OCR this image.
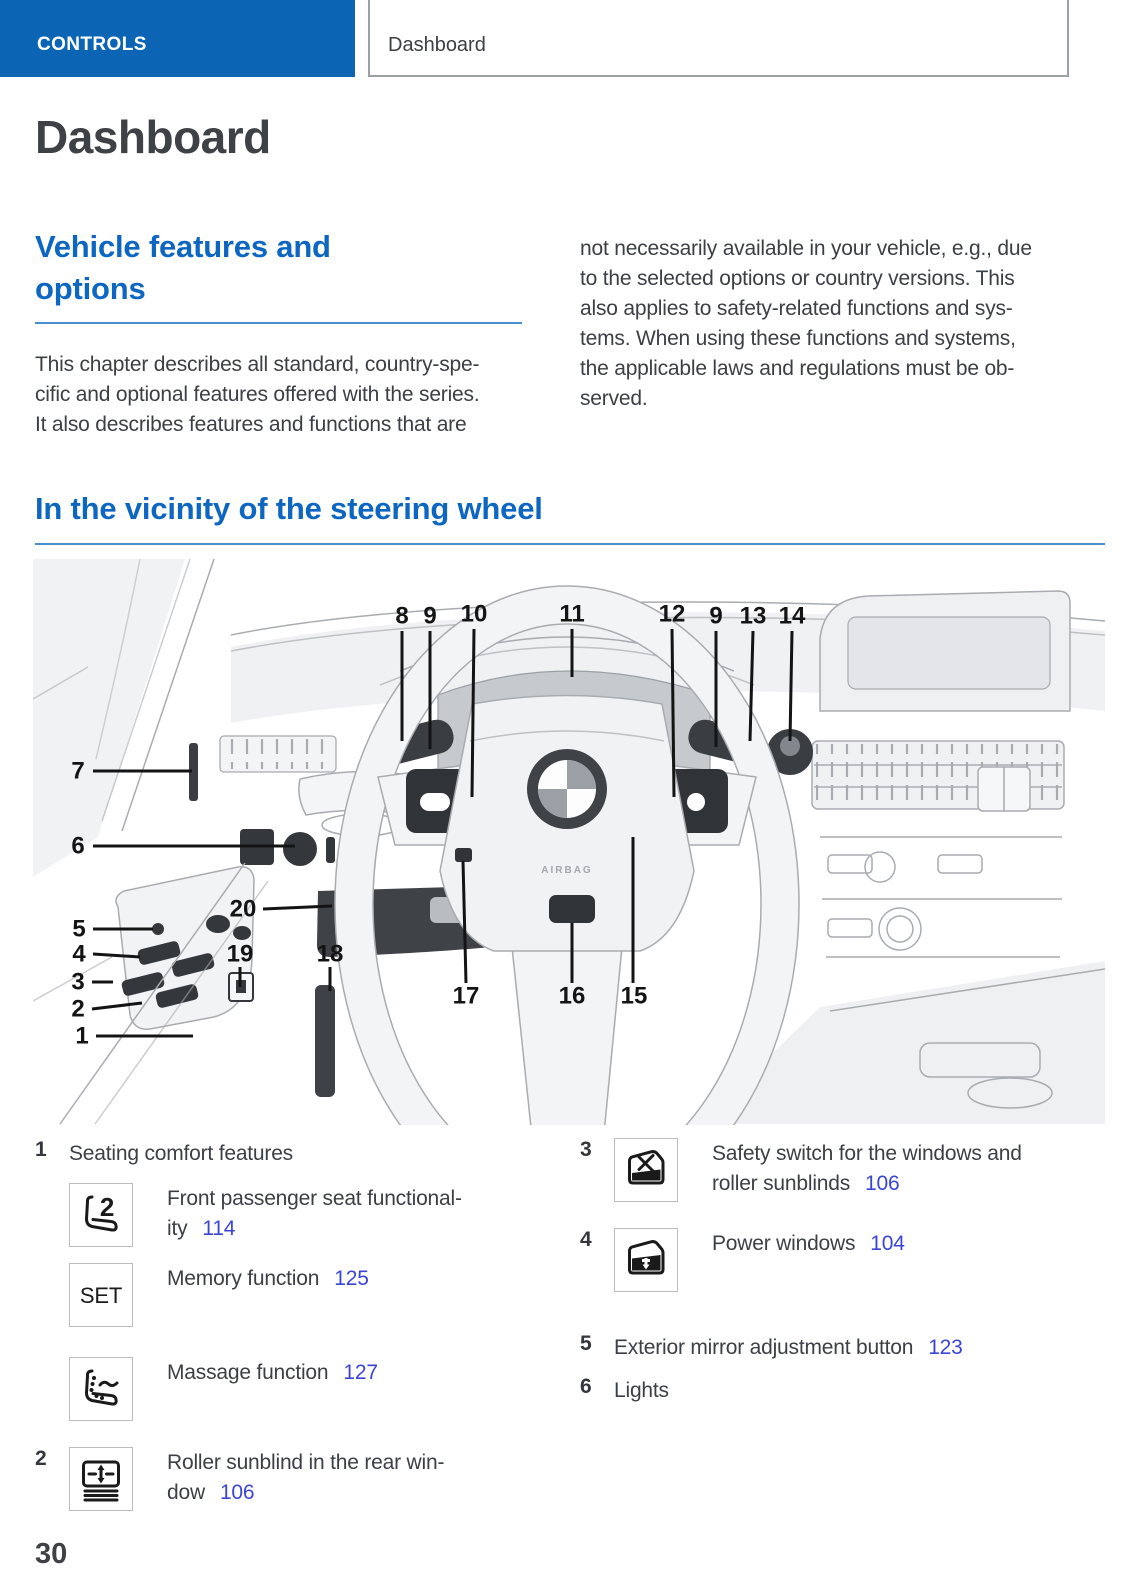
CONTROLS	Dashboard
Dashboard
Vehicle features and
options
This chapter describes all standard, country-spe-
cific and optional features offered with the series.
It also describes features and functions that are
not necessarily available in your vehicle, e.g., due
to the selected options or country versions. This
also applies to safety-related functions and sys-
tems. When using these functions and systems,
the applicable laws and regulations must be ob-
served.
In the vicinity of the steering wheel
AIRBAG
8 9 10	11	12 9 13 14
7
6
20
5
4
3
2
1
19	18
17	16 15
1	Seating comfort features
2	Front passenger seat functional-
ity 114
SET
Memory function 125
Massage function 127
2	Roller sunblind in the rear win-
dow 106
3	Safety switch for the windows and
roller sunblinds 106
4	Power windows 104
5	Exterior mirror adjustment button 123
6	Lights
30
